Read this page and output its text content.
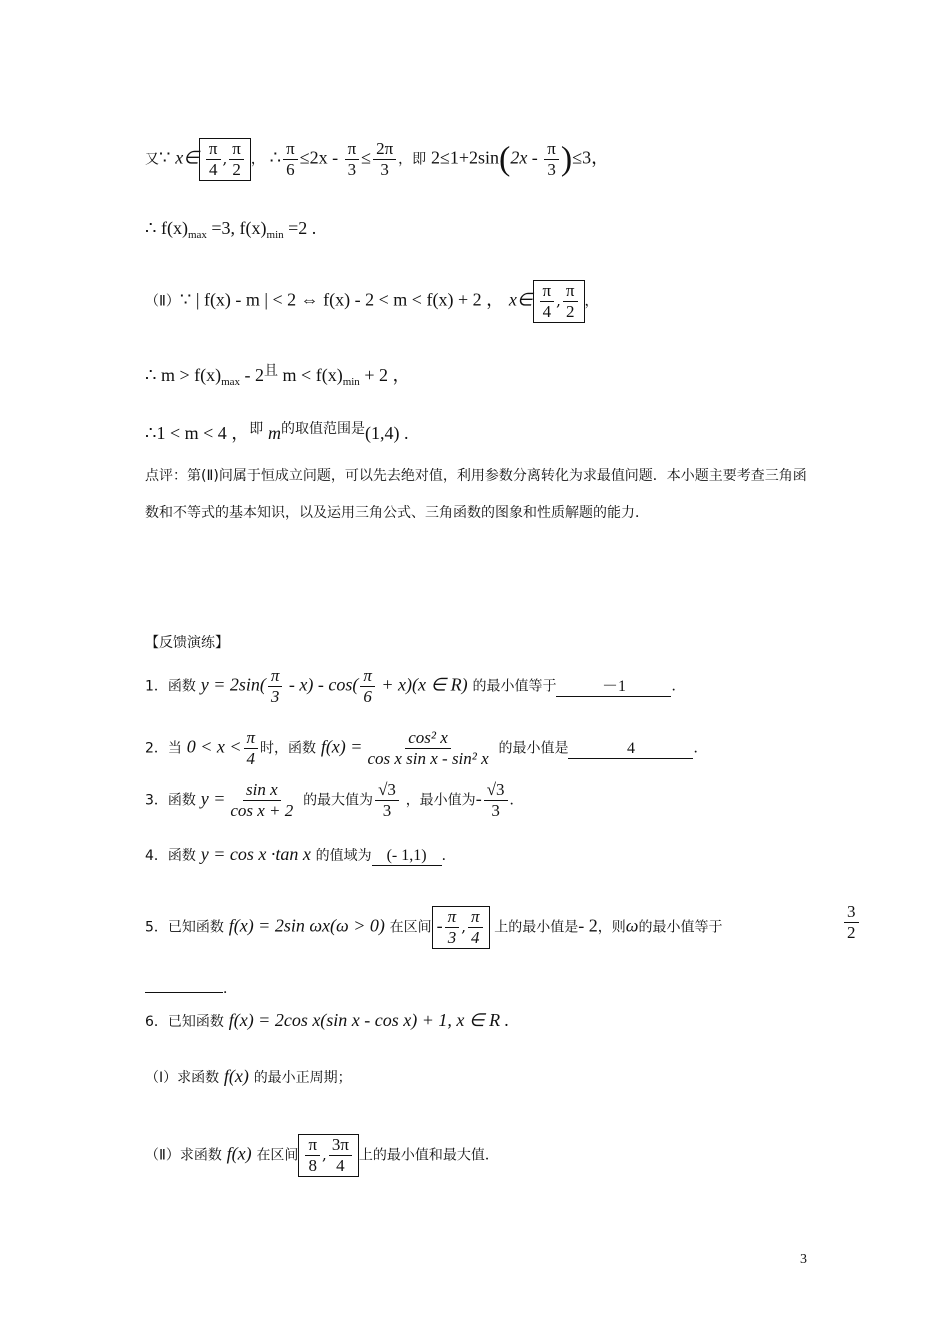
又∵ x∈ $\frac{\pi}{4}$ , $\frac{\pi}{2}$ ， ∴ $\frac{\pi}{6} \le 2x - \frac{\pi}{3} \le \frac{2\pi}{3}$ ，即 $2\le 1+2\sin(2x - \frac{\pi}{3} )\le 3$，
∴ $f(x)_{max} =3$, $f(x)_{min} =2$ .
（Ⅱ）∵ | f(x) - m | < 2 ⇔ f(x) - 2 < m < f(x) + 2 ， x∈ $\frac{\pi}{4}$ , $\frac{\pi}{2}$ ，
∴ $m > f(x)_{max} - 2$且 $m < f(x)_{min} + 2$ ，
∴1 < m < 4 ，即 m的取值范围是(1,4) .
点评：第(Ⅱ)问属于恒成立问题，可以先去绝对值，利用参数分离转化为求最值问题．本小题主要考查三角函数和不等式的基本知识，以及运用三角公式、三角函数的图象和性质解题的能力．
【反馈演练】
1．函数 $y = 2\sin( \frac{\pi}{3} - x) - \cos( \frac{\pi}{6} + x)(x$ ∈ R) 的最小值等于	－1	．
2．当 $0 < x < \frac{\pi}{4}$ 时，函数 $f(x) = \frac{\text{cos² x}}{\text{cos x sin x - sin² x}}$ 的最小值是	4	．
3．函数 $y = \frac{\text{sin x}}{\text{cos x + 2}}$ 的最大值为 $\frac{√3}{3}$ ，最小值为- $\frac{√3}{3}$ ．
4．函数 y = cos x ·tan x 的值域为 (- 1,1) ．
5．已知函数 f(x) = 2sin ωx(ω > 0) 在区间 - $\frac{\pi}{3}$ , $\frac{\pi}{4}$ 上的最小值是- 2，则ω的最小值等于	$\frac{3}{2}$
．
6．已知函数 f(x) = 2cos x(sin x - cos x) + 1, x ∈ R .
（Ⅰ）求函数 f(x) 的最小正周期；
（Ⅱ）求函数 f(x) 在区间 $\frac{\pi}{8}$ , $\frac{3\pi}{4}$ 上的最小值和最大值．
3
